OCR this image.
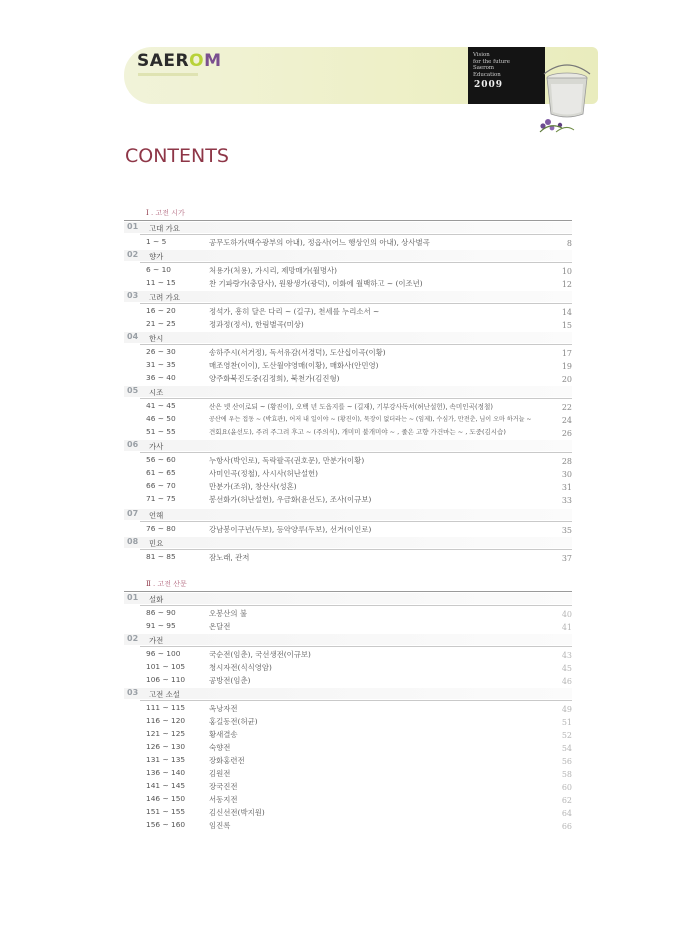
SAEROM	Vision
for the future
Saerom
Education
2009
CONTENTS
Ⅰ . 고전 시가
01	고대 가요
1 ~ 5	공무도하가(백수광부의 아내), 정읍사(어느 행상인의 아내), 상사별곡	8
02	향가
6 ~ 10	처용가(처용), 가시리, 제망매가(월명사)	10
11 ~ 15	찬 기파랑가(충담사), 원왕생가(광덕), 이화에 월백하고 ~ (이조년)	12
03	고려 가요
16 ~ 20	정석가, 흥히 달은 다리 ~ (길구), 천세를 누리소서 ~	14
21 ~ 25	정과정(정서), 한림별곡(미상)	15
04	한시
26 ~ 30	송하주시(서거정), 독서유감(서경덕), 도산십이곡(이황)	17
31 ~ 35	매조영찬(이이), 도산월야영매(이황), 매화사(안민영)	19
36 ~ 40	양주화북진도중(김정희), 북천가(김진형)	20
05	시조
41 ~ 45	산은 녯 산이로되 ~ (황진이), 오백 년 도읍지를 ~ (길재), 기부강사독서(허난설헌), 속미인곡(정철)	22
46 ~ 50	공산에 우는 접동 ~ (박효관), 어저 내 일이야 ~ (황진이), 묵장이 없더라는 ~ (임제), 수심가, 만전춘, 님이 오마 하거늘 ~	24
51 ~ 55	견회요(윤선도), 주려 주그려 후고 ~ (주의식), 개미미 불개미야 ~ , 줄은 고향 가건마는 ~ , 도중(김시습)	26
06	가사
56 ~ 60	누항사(박인로), 독락팔곡(권호문), 만분가(이황)	28
61 ~ 65	사미인곡(정철), 사시사(허난설헌)	30
66 ~ 70	만분가(조위), 창산사(성혼)	31
71 ~ 75	봉선화가(허난설헌), 우금화(윤선도), 조사(이규보)	33
07	언해
76 ~ 80	강남봉이구년(두보), 등악양루(두보), 선거(이인로)	35
08	민요
81 ~ 85	잠노래, 관저	37
Ⅱ . 고전 산문
01	설화
86 ~ 90	오봉산의 불	40
91 ~ 95	온달전	41
02	가전
96 ~ 100	국순전(임춘), 국선생전(이규보)	43
101 ~ 105	청시자전(식식영암)	45
106 ~ 110	공방전(임춘)	46
03	고전 소설
111 ~ 115	옥낭자전	49
116 ~ 120	홍길동전(허균)	51
121 ~ 125	황새결송	52
126 ~ 130	숙향전	54
131 ~ 135	장화홍련전	56
136 ~ 140	김원전	58
141 ~ 145	장국진전	60
146 ~ 150	서동지전	62
151 ~ 155	김신선전(박지원)	64
156 ~ 160	임진록	66
